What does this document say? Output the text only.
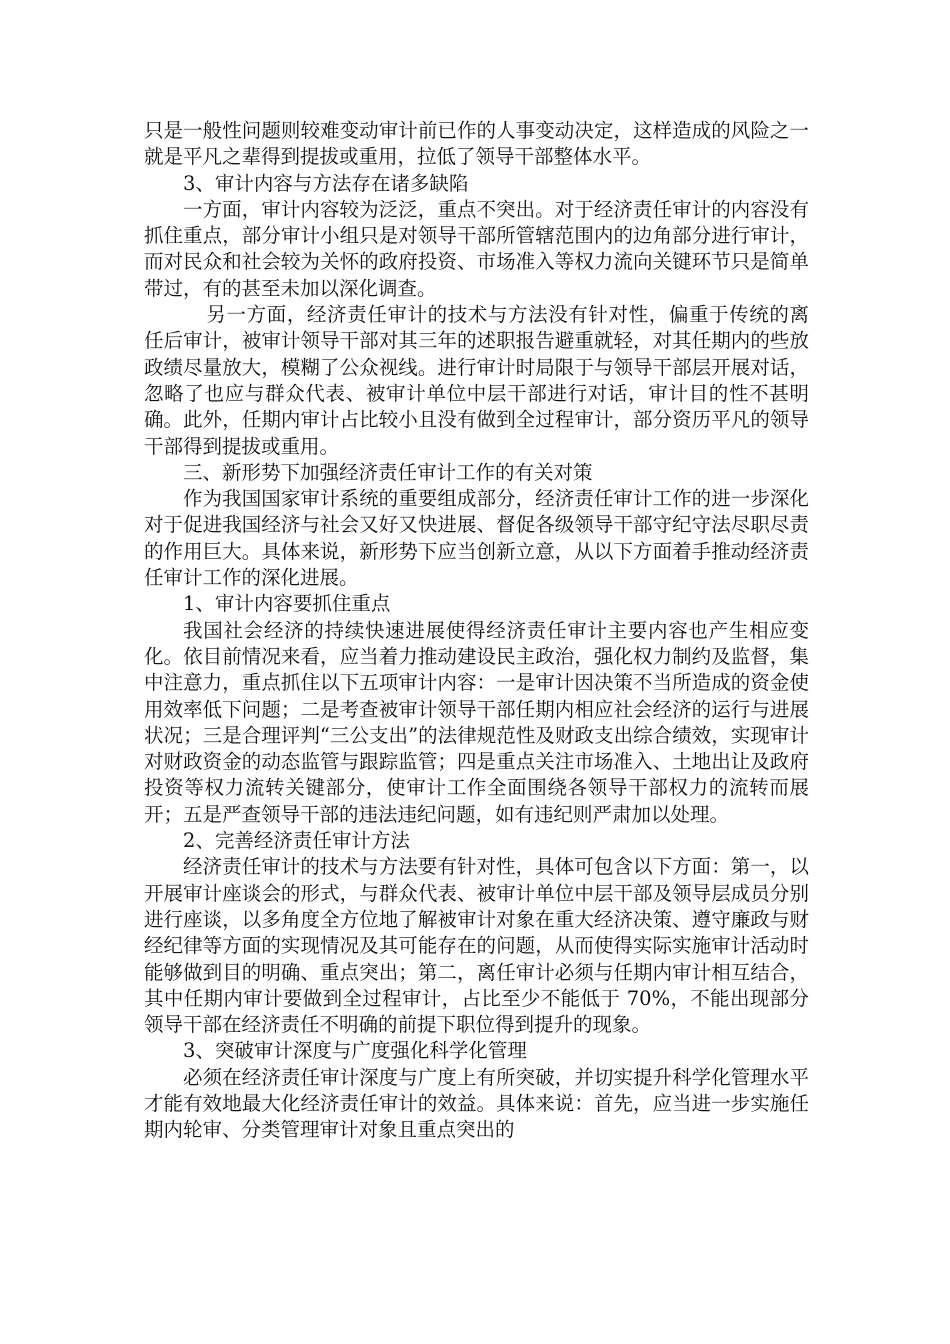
只是一般性问题则较难变动审计前已作的人事变动决定，这样造成的风险之一就是平凡之辈得到提拔或重用，拉低了领导干部整体水平。

3、审计内容与方法存在诸多缺陷

一方面，审计内容较为泛泛，重点不突出。对于经济责任审计的内容没有抓住重点，部分审计小组只是对领导干部所管辖范围内的边角部分进行审计，而对民众和社会较为关怀的政府投资、市场准入等权力流向关键环节只是简单带过，有的甚至未加以深化调查。

另一方面，经济责任审计的技术与方法没有针对性，偏重于传统的离任后审计，被审计领导干部对其三年的述职报告避重就轻，对其任期内的些放政绩尽量放大，模糊了公众视线。进行审计时局限于与领导干部层开展对话，忽略了也应与群众代表、被审计单位中层干部进行对话，审计目的性不甚明确。此外，任期内审计占比较小且没有做到全过程审计，部分资历平凡的领导干部得到提拔或重用。

三、新形势下加强经济责任审计工作的有关对策

作为我国国家审计系统的重要组成部分，经济责任审计工作的进一步深化对于促进我国经济与社会又好又快进展、督促各级领导干部守纪守法尽职尽责的作用巨大。具体来说，新形势下应当创新立意，从以下方面着手推动经济责任审计工作的深化进展。

1、审计内容要抓住重点

我国社会经济的持续快速进展使得经济责任审计主要内容也产生相应变化。依目前情况来看，应当着力推动建设民主政治，强化权力制约及监督，集中注意力，重点抓住以下五项审计内容：一是审计因决策不当所造成的资金使用效率低下问题；二是考查被审计领导干部任期内相应社会经济的运行与进展状况；三是合理评判“三公支出”的法律规范性及财政支出综合绩效，实现审计对财政资金的动态监管与跟踪监管；四是重点关注市场准入、土地出让及政府投资等权力流转关键部分，使审计工作全面围绕各领导干部权力的流转而展开；五是严查领导干部的违法违纪问题，如有违纪则严肃加以处理。

2、完善经济责任审计方法

经济责任审计的技术与方法要有针对性，具体可包含以下方面：第一，以开展审计座谈会的形式，与群众代表、被审计单位中层干部及领导层成员分别进行座谈，以多角度全方位地了解被审计对象在重大经济决策、遵守廉政与财经纪律等方面的实现情况及其可能存在的问题，从而使得实际实施审计活动时能够做到目的明确、重点突出；第二，离任审计必须与任期内审计相互结合，其中任期内审计要做到全过程审计，占比至少不能低于 70%，不能出现部分领导干部在经济责任不明确的前提下职位得到提升的现象。

3、突破审计深度与广度强化科学化管理

必须在经济责任审计深度与广度上有所突破，并切实提升科学化管理水平才能有效地最大化经济责任审计的效益。具体来说：首先，应当进一步实施任期内轮审、分类管理审计对象且重点突出的
